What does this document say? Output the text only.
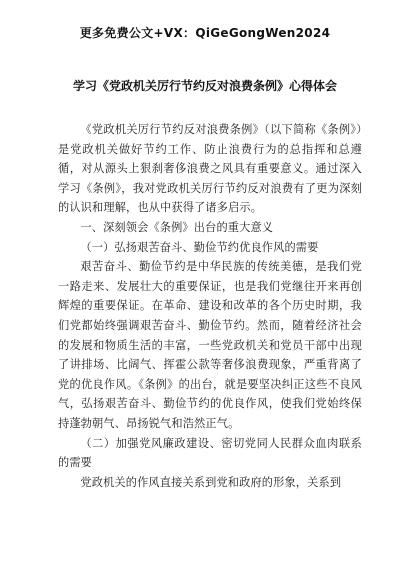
更多免费公文+VX：QiGeGongWen2024
学习《党政机关厉行节约反对浪费条例》心得体会

《党政机关厉行节约反对浪费条例》（以下简称《条例》）是党政机关做好节约工作、防止浪费行为的总指挥和总遵循，对从源头上狠刹奢侈浪费之风具有重要意义。通过深入学习《条例》，我对党政机关厉行节约反对浪费有了更为深刻的认识和理解，也从中获得了诸多启示。

一、深刻领会《条例》出台的重大意义

（一）弘扬艰苦奋斗、勤俭节约优良作风的需要

艰苦奋斗、勤俭节约是中华民族的传统美德，是我们党一路走来、发展壮大的重要保证，也是我们党继往开来再创辉煌的重要保证。在革命、建设和改革的各个历史时期，我们党都始终强调艰苦奋斗、勤俭节约。然而，随着经济社会的发展和物质生活的丰富，一些党政机关和党员干部中出现了讲排场、比阔气、挥霍公款等奢侈浪费现象，严重背离了党的优良作风。《条例》的出台，就是要坚决纠正这些不良风气，弘扬艰苦奋斗、勤俭节约的优良作风，使我们党始终保持蓬勃朝气、昂扬锐气和浩然正气。

（二）加强党风廉政建设、密切党同人民群众血肉联系的需要

党政机关的作风直接关系到党和政府的形象，关系到
